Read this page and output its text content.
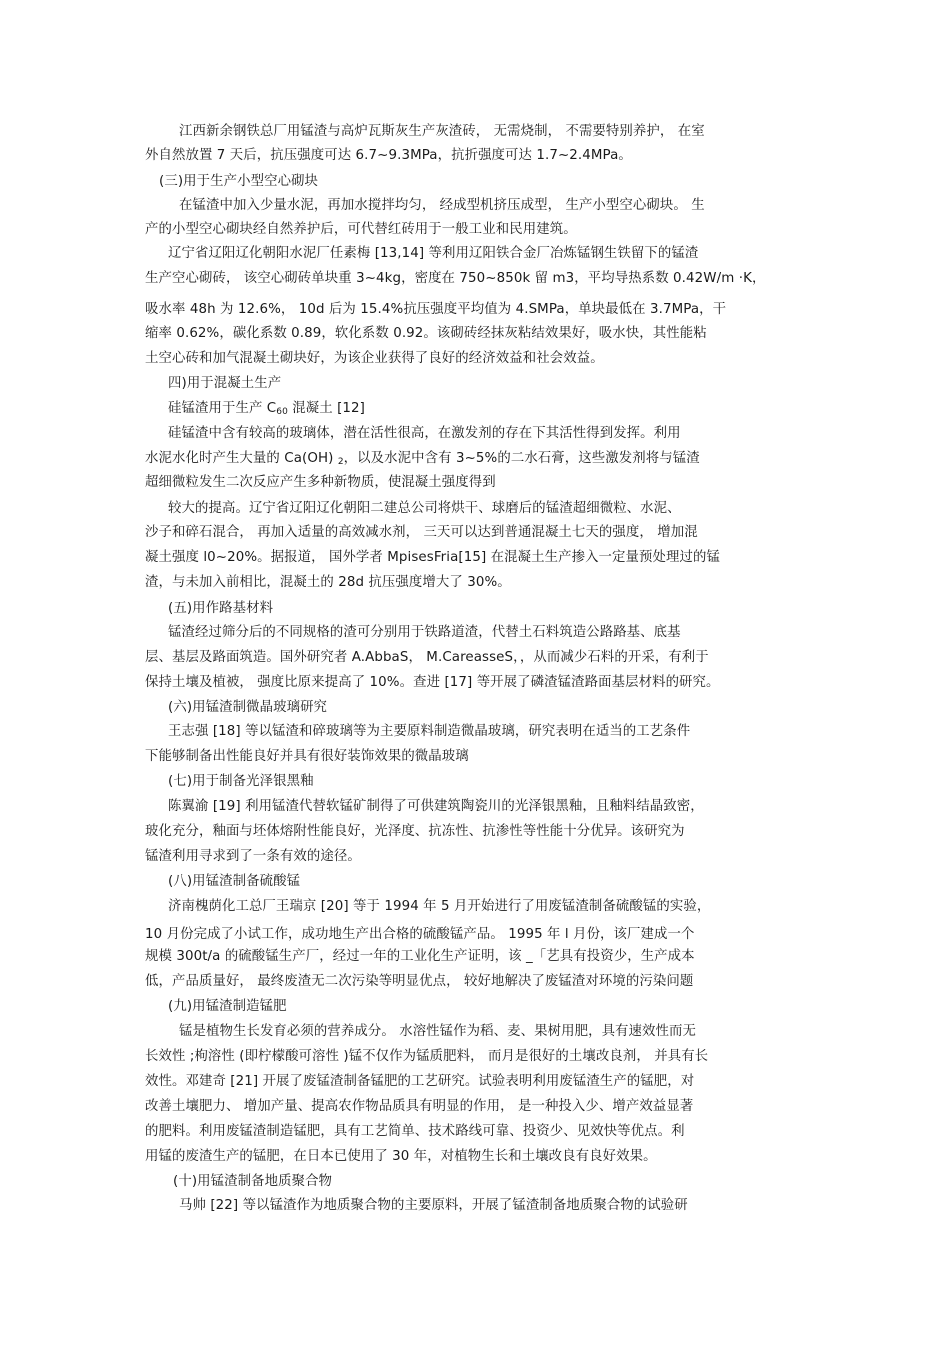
江西新余钢铁总厂用锰渣与高炉瓦斯灰生产灰渣砖， 无需烧制， 不需要特别养护， 在室

外自然放置 7 天后，抗压强度可达 6.7~9.3MPa，抗折强度可达 1.7~2.4MPa。

(三)用于生产小型空心砌块

在锰渣中加入少量水泥，再加水搅拌均匀， 经成型机挤压成型， 生产小型空心砌块。 生

产的小型空心砌块经自然养护后，可代替红砖用于一般工业和民用建筑。

辽宁省辽阳辽化朝阳水泥厂任素梅 [13,14] 等利用辽阳铁合金厂冶炼锰钢生铁留下的锰渣

生产空心砌砖， 该空心砌砖单块重 3~4kg，密度在 750~850k 留 m3，平均导热系数 0.42W/m ·K，

吸水率 48h 为 12.6%， 10d 后为 15.4%抗压强度平均值为 4.SMPa，单块最低在 3.7MPa，干

缩率 0.62%，碳化系数 0.89，软化系数 0.92。该砌砖经抹灰粘结效果好，吸水快，其性能粘

土空心砖和加气混凝土砌块好，为该企业获得了良好的经济效益和社会效益。

四)用于混凝土生产

硅锰渣用于生产 $C_{60}$ 混凝土 [12]

硅锰渣中含有较高的玻璃体，潜在活性很高，在激发剂的存在下其活性得到发挥。利用

水泥水化时产生大量的 Ca(OH) $_2$，以及水泥中含有 3~5%的二水石膏，这些激发剂将与锰渣

超细微粒发生二次反应产生多种新物质，使混凝土强度得到

较大的提高。辽宁省辽阳辽化朝阳二建总公司将烘干、球磨后的锰渣超细微粒、水泥、

沙子和碎石混合， 再加入适量的高效减水剂， 三天可以达到普通混凝土七天的强度， 增加混

凝土强度 l0~20%。据报道， 国外学者 MpisesFria[15] 在混凝土生产掺入一定量预处理过的锰

渣，与未加入前相比，混凝土的 28d 抗压强度增大了 30%。

(五)用作路基材料

锰渣经过筛分后的不同规格的渣可分别用于铁路道渣，代替土石料筑造公路路基、底基

层、基层及路面筑造。国外研究者 A.AbbaS， M.CareasseS，，从而减少石料的开采，有利于

保持土壤及植被， 强度比原来提高了 10%。查进 [17] 等开展了磷渣锰渣路面基层材料的研究。

(六)用锰渣制微晶玻璃研究

王志强 [18] 等以锰渣和碎玻璃等为主要原料制造微晶玻璃，研究表明在适当的工艺条件

下能够制备出性能良好并具有很好装饰效果的微晶玻璃

(七)用于制备光泽银黑釉

陈翼渝 [19] 利用锰渣代替软锰矿制得了可供建筑陶瓷川的光泽银黑釉，且釉料结晶致密，

玻化充分，釉面与坯体熔附性能良好，光泽度、抗冻性、抗渗性等性能十分优异。该研究为

锰渣利用寻求到了一条有效的途径。

(八)用锰渣制备硫酸锰

济南槐荫化工总厂王瑞京 [20] 等于 1994 年 5 月开始进行了用废锰渣制备硫酸锰的实验，

10 月份完成了小试工作，成功地生产出合格的硫酸锰产品。 1995 年 l 月份，该厂建成一个

规模 300t/a 的硫酸锰生产厂，经过一年的工业化生产证明，该 _「艺具有投资少，生产成本

低，产品质量好， 最终废渣无二次污染等明显优点， 较好地解决了废锰渣对环境的污染问题

(九)用锰渣制造锰肥

锰是植物生长发育必须的营养成分。 水溶性锰作为稻、麦、果树用肥，具有速效性而无

长效性 ;枸溶性 (即柠檬酸可溶性 )锰不仅作为锰质肥料， 而月是很好的土壤改良剂， 并具有长

效性。邓建奇 [21] 开展了废锰渣制备锰肥的工艺研究。试验表明利用废锰渣生产的锰肥，对

改善土壤肥力、 增加产量、提高农作物品质具有明显的作用， 是一种投入少、增产效益显著

的肥料。利用废锰渣制造锰肥，具有工艺简单、技术路线可靠、投资少、见效快等优点。利

用锰的废渣生产的锰肥，在日本已使用了 30 年，对植物生长和土壤改良有良好效果。

(十)用锰渣制备地质聚合物

马帅 [22] 等以锰渣作为地质聚合物的主要原料，开展了锰渣制备地质聚合物的试验研
